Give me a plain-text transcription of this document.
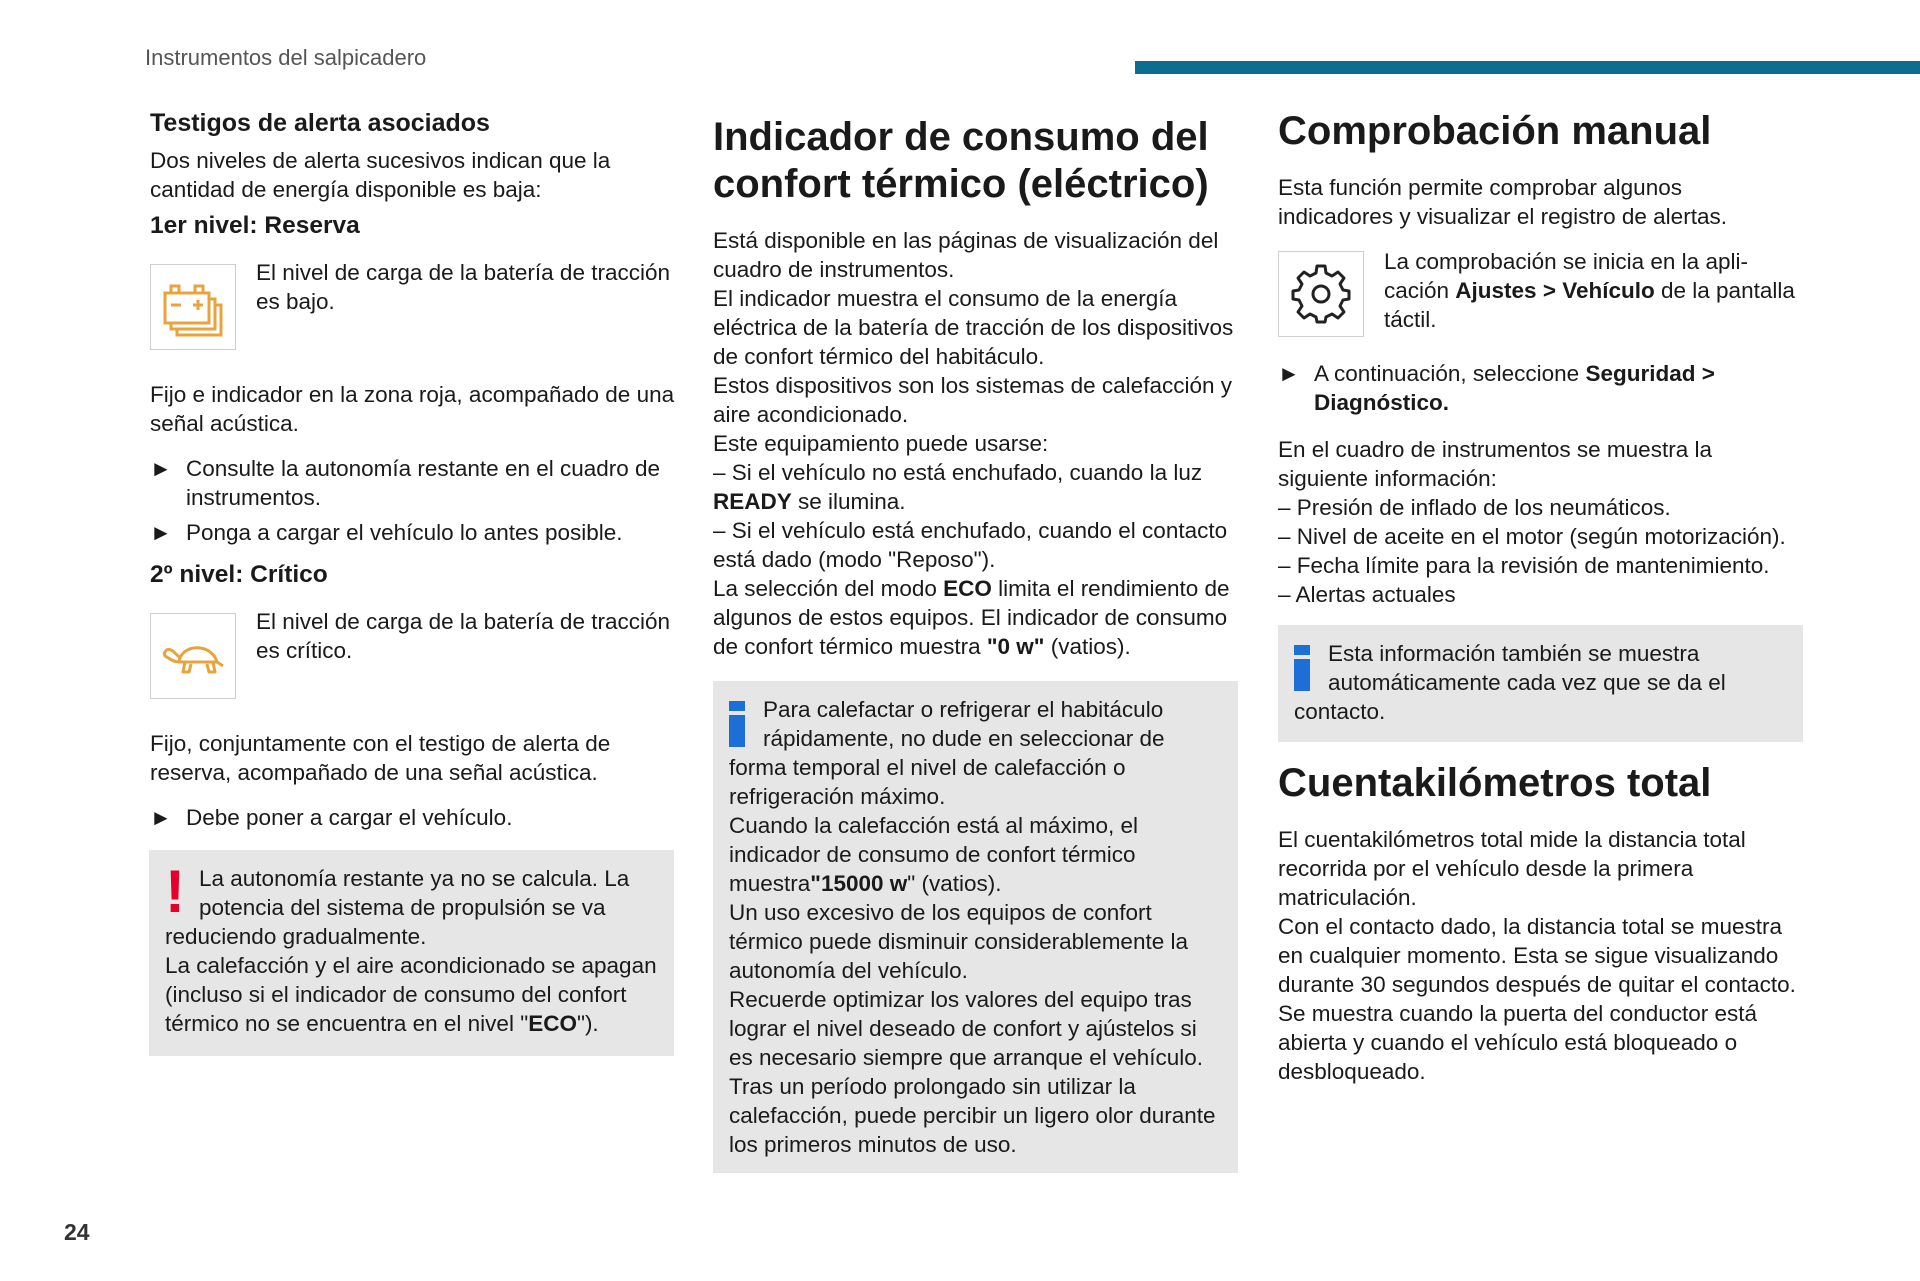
Instrumentos del salpicadero
Testigos de alerta asociados

Dos niveles de alerta sucesivos indican que la cantidad de energía disponible es baja:

1er nivel: Reserva

El nivel de carga de la batería de tracción es bajo.

Fijo e indicador en la zona roja, acompañado de una señal acústica.

► Consulte la autonomía restante en el cuadro de instrumentos.

► Ponga a cargar el vehículo lo antes posible.

2º nivel: Crítico

El nivel de carga de la batería de tracción es crítico.

Fijo, conjuntamente con el testigo de alerta de reserva, acompañado de una señal acústica.

► Debe poner a cargar el vehículo.

! La autonomía restante ya no se calcula. La potencia del sistema de propulsión se va reduciendo gradualmente.
La calefacción y el aire acondicionado se apagan (incluso si el indicador de consumo del confort térmico no se encuentra en el nivel "ECO").

Indicador de consumo del confort térmico (eléctrico)

Está disponible en las páginas de visualización del cuadro de instrumentos.

El indicador muestra el consumo de la energía eléctrica de la batería de tracción de los dispositivos de confort térmico del habitáculo.

Estos dispositivos son los sistemas de calefacción y aire acondicionado.

Este equipamiento puede usarse:

– Si el vehículo no está enchufado, cuando la luz READY se ilumina.

– Si el vehículo está enchufado, cuando el contacto está dado (modo "Reposo").

La selección del modo ECO limita el rendimiento de algunos de estos equipos. El indicador de consumo de confort térmico muestra "0 w" (vatios).

Para calefactar o refrigerar el habitáculo rápidamente, no dude en seleccionar de forma temporal el nivel de calefacción o refrigeración máximo.

Cuando la calefacción está al máximo, el indicador de consumo de confort térmico muestra"15000 w" (vatios).

Un uso excesivo de los equipos de confort térmico puede disminuir considerablemente la autonomía del vehículo.

Recuerde optimizar los valores del equipo tras lograr el nivel deseado de confort y ajústelos si es necesario siempre que arranque el vehículo.

Tras un período prolongado sin utilizar la calefacción, puede percibir un ligero olor durante los primeros minutos de uso.

Comprobación manual

Esta función permite comprobar algunos indicadores y visualizar el registro de alertas.

La comprobación se inicia en la aplicación Ajustes > Vehículo de la pantalla táctil.

► A continuación, seleccione Seguridad > Diagnóstico.

En el cuadro de instrumentos se muestra la siguiente información:

– Presión de inflado de los neumáticos.

– Nivel de aceite en el motor (según motorización).

– Fecha límite para la revisión de mantenimiento.

– Alertas actuales

Esta información también se muestra automáticamente cada vez que se da el contacto.

Cuentakilómetros total

El cuentakilómetros total mide la distancia total recorrida por el vehículo desde la primera matriculación.

Con el contacto dado, la distancia total se muestra en cualquier momento. Esta se sigue visualizando durante 30 segundos después de quitar el contacto. Se muestra cuando la puerta del conductor está abierta y cuando el vehículo está bloqueado o desbloqueado.

24
